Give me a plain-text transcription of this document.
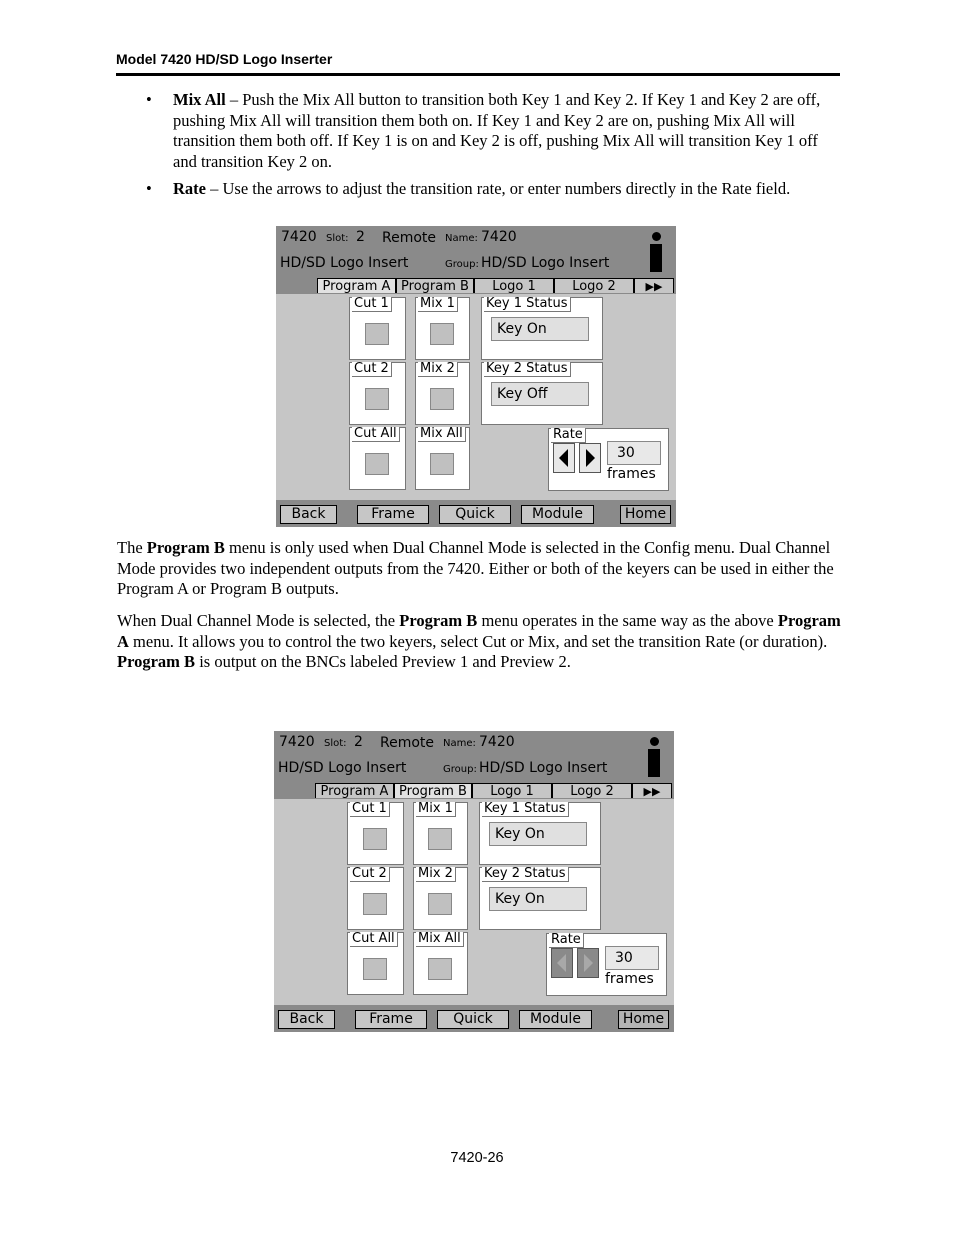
Model 7420 HD/SD Logo Inserter
• Mix All – Push the Mix All button to transition both Key 1 and Key 2. If Key 1 and Key 2 are off, pushing Mix All will transition them both on. If Key 1 and Key 2 are on, pushing Mix All will transition them both off. If Key 1 is on and Key 2 is off, pushing Mix All will transition Key 1 off and transition Key 2 on.
• Rate – Use the arrows to adjust the transition rate, or enter numbers directly in the Rate field.
7420 Slot: 2 Remote Name: 7420
HD/SD Logo Insert	Group: HD/SD Logo Insert
Program A Program B	Logo 1	Logo 2	▶▶
Cut 1 Mix 1
Cut 2 Mix 2
Cut All Mix All
Key 1 Status
Key On
Key 2 Status
Key Off
Rate
30
frames
Back	Frame	Quick	Module	Home
The Program B menu is only used when Dual Channel Mode is selected in the Config menu. Dual Channel Mode provides two independent outputs from the 7420. Either or both of the keyers can be used in either the Program A or Program B outputs.
When Dual Channel Mode is selected, the Program B menu operates in the same way as the above Program A menu. It allows you to control the two keyers, select Cut or Mix, and set the transition Rate (or duration). Program B is output on the BNCs labeled Preview 1 and Preview 2.
7420 Slot: 2 Remote Name: 7420
HD/SD Logo Insert	Group: HD/SD Logo Insert
Program A Program B	Logo 1	Logo 2	▶▶
Cut 1 Mix 1
Cut 2 Mix 2
Cut All Mix All
Key 1 Status
Key On
Key 2 Status
Key On
Rate
30
frames
Back	Frame	Quick	Module	Home
7420-26
